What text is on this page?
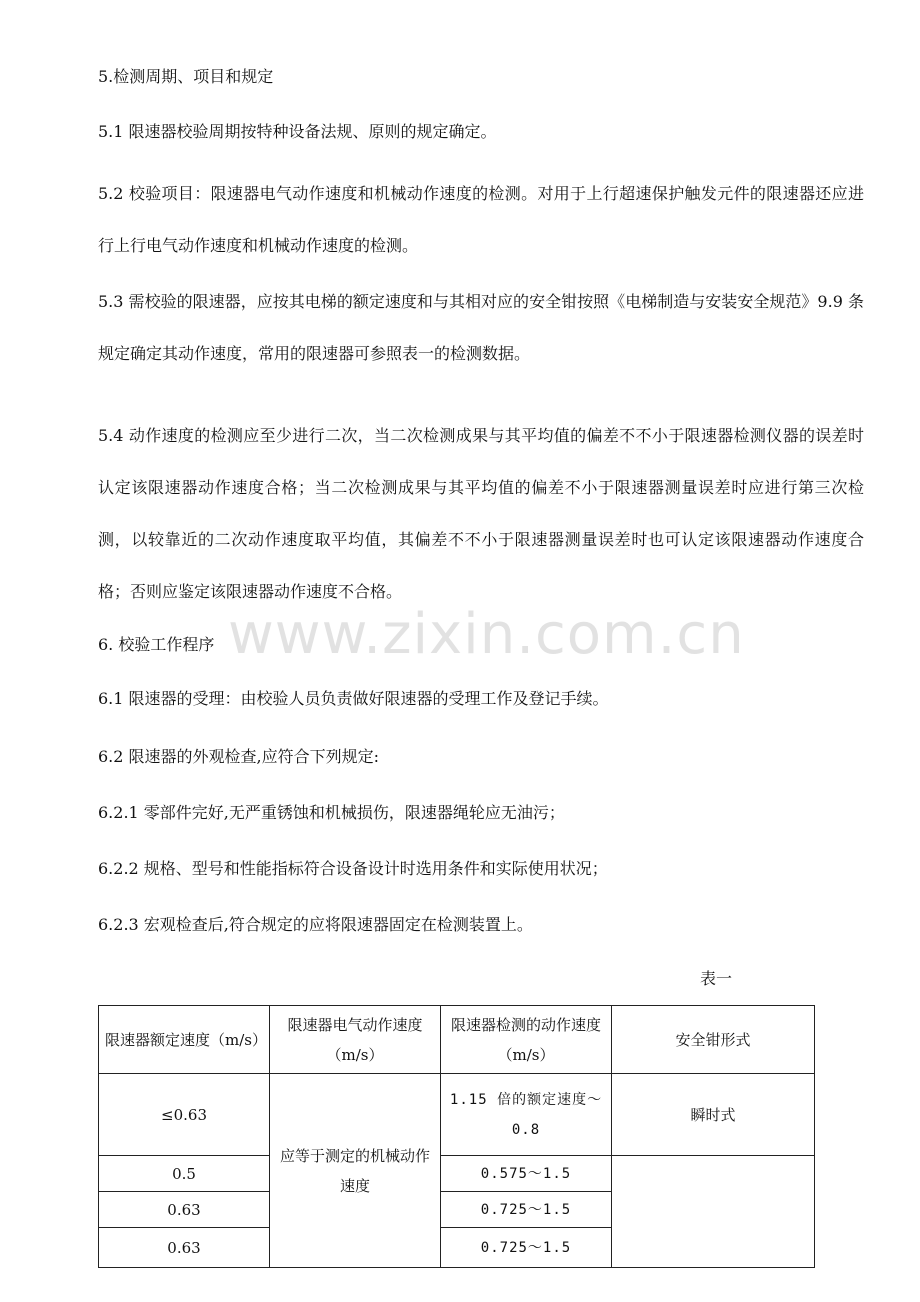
5.检测周期、项目和规定

5.1 限速器校验周期按特种设备法规、原则的规定确定。

5.2 校验项目：限速器电气动作速度和机械动作速度的检测。对用于上行超速保护触发元件的限速器还应进行上行电气动作速度和机械动作速度的检测。

5.3 需校验的限速器，应按其电梯的额定速度和与其相对应的安全钳按照《电梯制造与安装安全规范》9.9 条规定确定其动作速度，常用的限速器可参照表一的检测数据。

5.4 动作速度的检测应至少进行二次，当二次检测成果与其平均值的偏差不不小于限速器检测仪器的误差时认定该限速器动作速度合格；当二次检测成果与其平均值的偏差不小于限速器测量误差时应进行第三次检测，以较靠近的二次动作速度取平均值，其偏差不不小于限速器测量误差时也可认定该限速器动作速度合格；否则应鉴定该限速器动作速度不合格。

www.zixin.com.cn

6. 校验工作程序

6.1 限速器的受理：由校验人员负责做好限速器的受理工作及登记手续。

6.2 限速器的外观检查,应符合下列规定:

6.2.1 零部件完好,无严重锈蚀和机械损伤，限速器绳轮应无油污；

6.2.2 规格、型号和性能指标符合设备设计时选用条件和实际使用状况；

6.2.3 宏观检查后,符合规定的应将限速器固定在检测装置上。

表一
限速器额定速度（m/s）	限速器电气动作速度（m/s）	限速器检测的动作速度（m/s）	安全钳形式
≤0.63	应等于测定的机械动作速度	1.15 倍的额定速度～0.8	瞬时式
0.5		0.575～1.5	
0.63		0.725～1.5	
0.63		0.725～1.5	
